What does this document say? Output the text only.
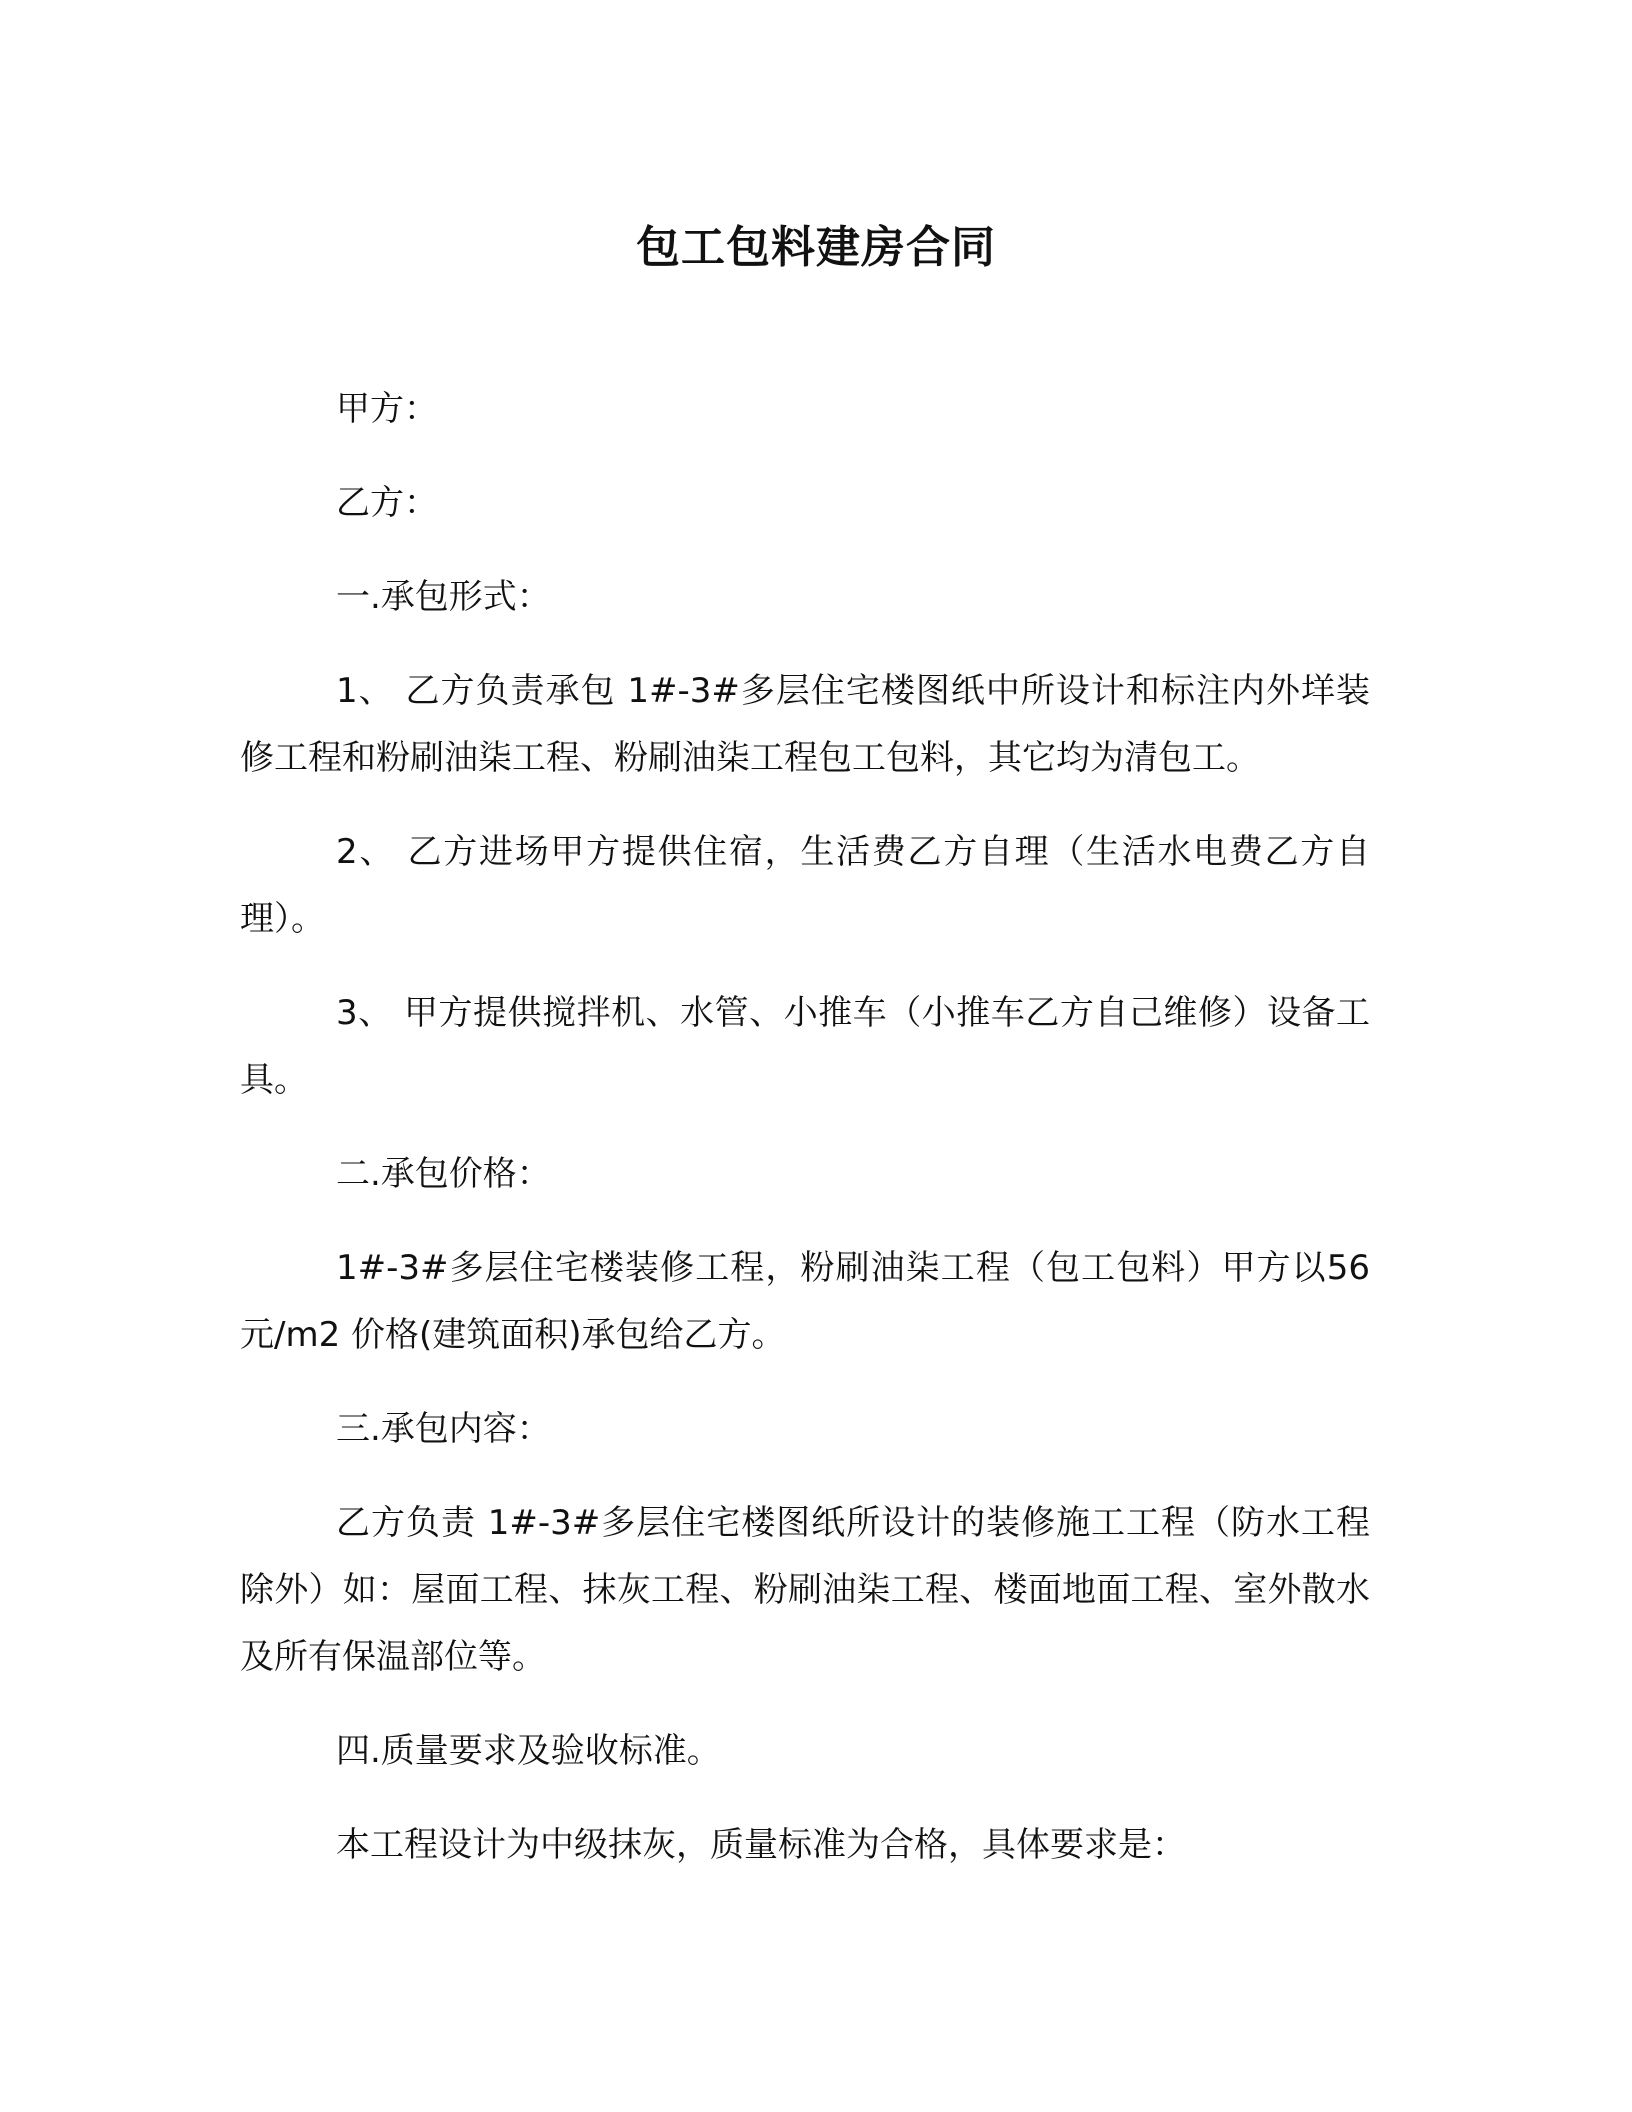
包工包料建房合同

甲方：

乙方：

一.承包形式：

1、 乙方负责承包 1#-3#多层住宅楼图纸中所设计和标注内外垟装修工程和粉刷油柒工程、粉刷油柒工程包工包料，其它均为清包工。

2、 乙方进场甲方提供住宿，生活费乙方自理（生活水电费乙方自理）。

3、 甲方提供搅拌机、水管、小推车（小推车乙方自己维修）设备工具。

二.承包价格：

1#-3#多层住宅楼装修工程，粉刷油柒工程（包工包料）甲方以56 元/m2 价格(建筑面积)承包给乙方。

三.承包内容：

乙方负责 1#-3#多层住宅楼图纸所设计的装修施工工程（防水工程除外）如：屋面工程、抹灰工程、粉刷油柒工程、楼面地面工程、室外散水及所有保温部位等。

四.质量要求及验收标准。

本工程设计为中级抹灰，质量标准为合格，具体要求是：
